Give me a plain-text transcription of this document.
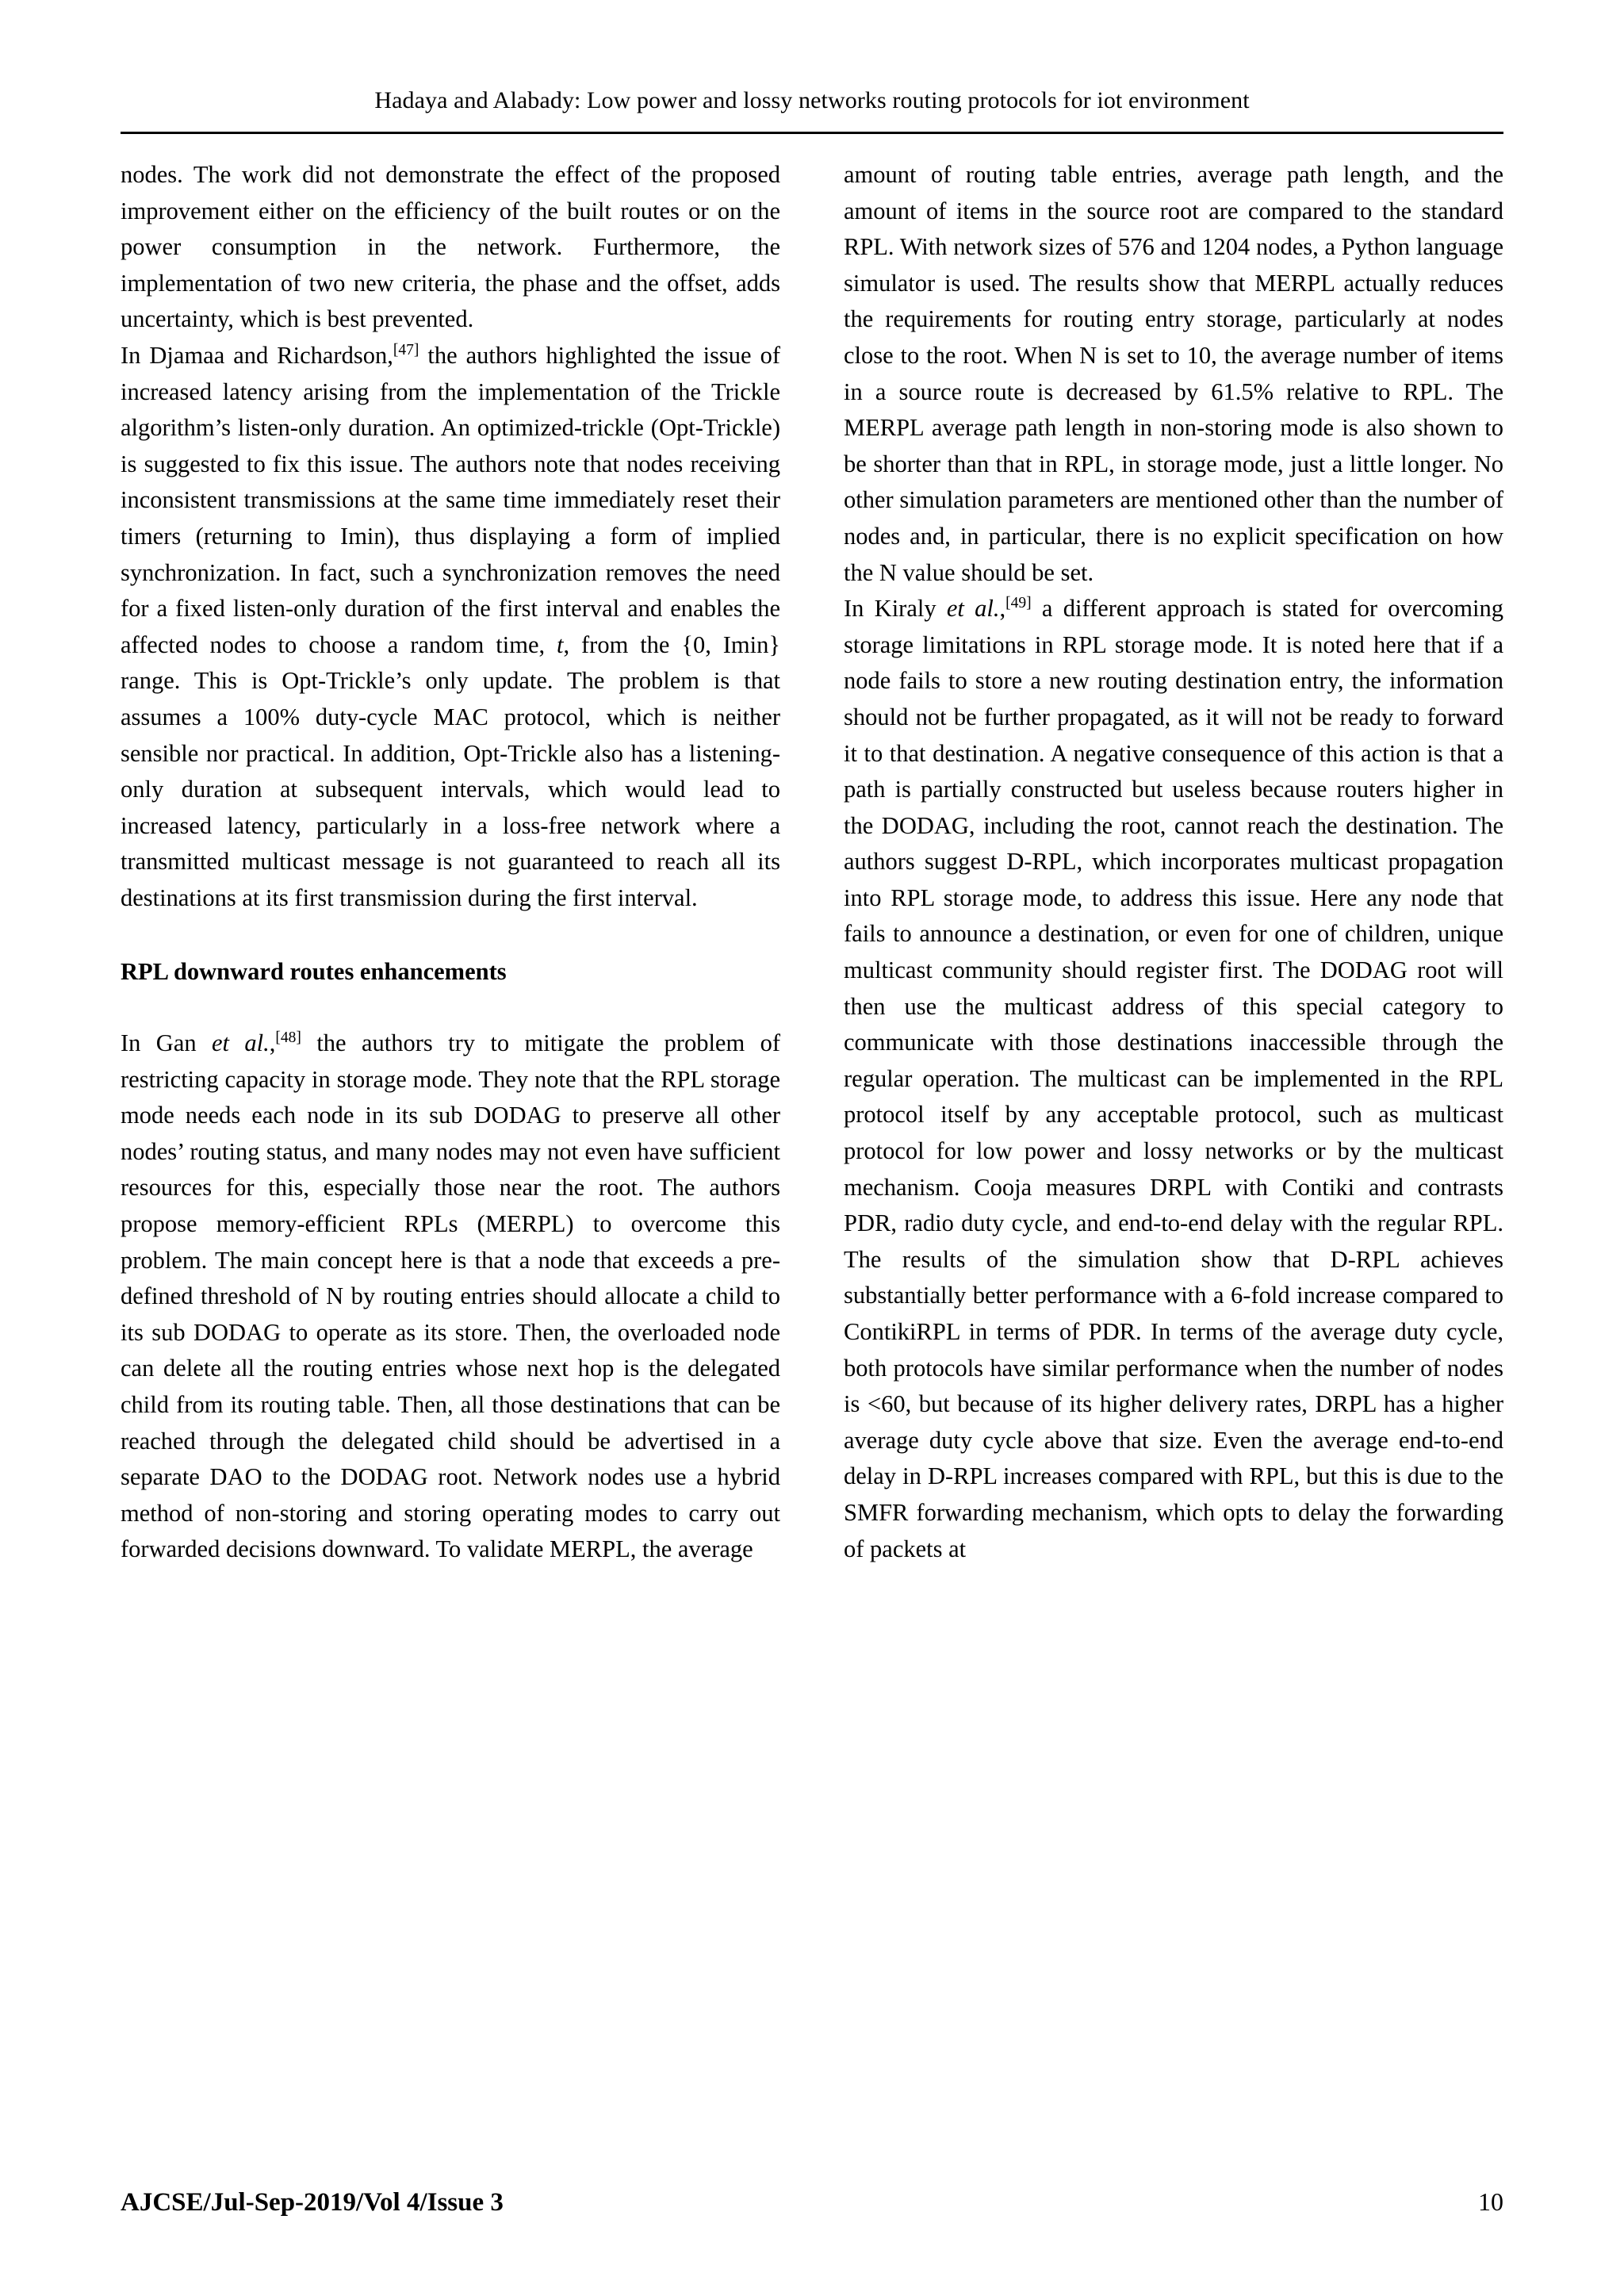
Hadaya and Alabady: Low power and lossy networks routing protocols for iot environment

nodes. The work did not demonstrate the effect of the proposed improvement either on the efficiency of the built routes or on the power consumption in the network. Furthermore, the implementation of two new criteria, the phase and the offset, adds uncertainty, which is best prevented.

In Djamaa and Richardson,[47] the authors highlighted the issue of increased latency arising from the implementation of the Trickle algorithm’s listen-only duration. An optimized-trickle (Opt-Trickle) is suggested to fix this issue. The authors note that nodes receiving inconsistent transmissions at the same time immediately reset their timers (returning to Imin), thus displaying a form of implied synchronization. In fact, such a synchronization removes the need for a fixed listen-only duration of the first interval and enables the affected nodes to choose a random time, t, from the {0, Imin} range. This is Opt-Trickle’s only update. The problem is that assumes a 100% duty-cycle MAC protocol, which is neither sensible nor practical. In addition, Opt-Trickle also has a listening-only duration at subsequent intervals, which would lead to increased latency, particularly in a loss-free network where a transmitted multicast message is not guaranteed to reach all its destinations at its first transmission during the first interval.

RPL downward routes enhancements

In Gan et al.,[48] the authors try to mitigate the problem of restricting capacity in storage mode. They note that the RPL storage mode needs each node in its sub DODAG to preserve all other nodes’ routing status, and many nodes may not even have sufficient resources for this, especially those near the root. The authors propose memory-efficient RPLs (MERPL) to overcome this problem. The main concept here is that a node that exceeds a pre-defined threshold of N by routing entries should allocate a child to its sub DODAG to operate as its store. Then, the overloaded node can delete all the routing entries whose next hop is the delegated child from its routing table. Then, all those destinations that can be reached through the delegated child should be advertised in a separate DAO to the DODAG root. Network nodes use a hybrid method of non-storing and storing operating modes to carry out forwarded decisions downward. To validate MERPL, the average

amount of routing table entries, average path length, and the amount of items in the source root are compared to the standard RPL. With network sizes of 576 and 1204 nodes, a Python language simulator is used. The results show that MERPL actually reduces the requirements for routing entry storage, particularly at nodes close to the root. When N is set to 10, the average number of items in a source route is decreased by 61.5% relative to RPL. The MERPL average path length in non-storing mode is also shown to be shorter than that in RPL, in storage mode, just a little longer. No other simulation parameters are mentioned other than the number of nodes and, in particular, there is no explicit specification on how the N value should be set.

In Kiraly et al.,[49] a different approach is stated for overcoming storage limitations in RPL storage mode. It is noted here that if a node fails to store a new routing destination entry, the information should not be further propagated, as it will not be ready to forward it to that destination. A negative consequence of this action is that a path is partially constructed but useless because routers higher in the DODAG, including the root, cannot reach the destination. The authors suggest D-RPL, which incorporates multicast propagation into RPL storage mode, to address this issue. Here any node that fails to announce a destination, or even for one of children, unique multicast community should register first. The DODAG root will then use the multicast address of this special category to communicate with those destinations inaccessible through the regular operation. The multicast can be implemented in the RPL protocol itself by any acceptable protocol, such as multicast protocol for low power and lossy networks or by the multicast mechanism. Cooja measures DRPL with Contiki and contrasts PDR, radio duty cycle, and end-to-end delay with the regular RPL. The results of the simulation show that D-RPL achieves substantially better performance with a 6-fold increase compared to ContikiRPL in terms of PDR. In terms of the average duty cycle, both protocols have similar performance when the number of nodes is <60, but because of its higher delivery rates, DRPL has a higher average duty cycle above that size. Even the average end-to-end delay in D-RPL increases compared with RPL, but this is due to the SMFR forwarding mechanism, which opts to delay the forwarding of packets at

AJCSE/Jul-Sep-2019/Vol 4/Issue 3	10
